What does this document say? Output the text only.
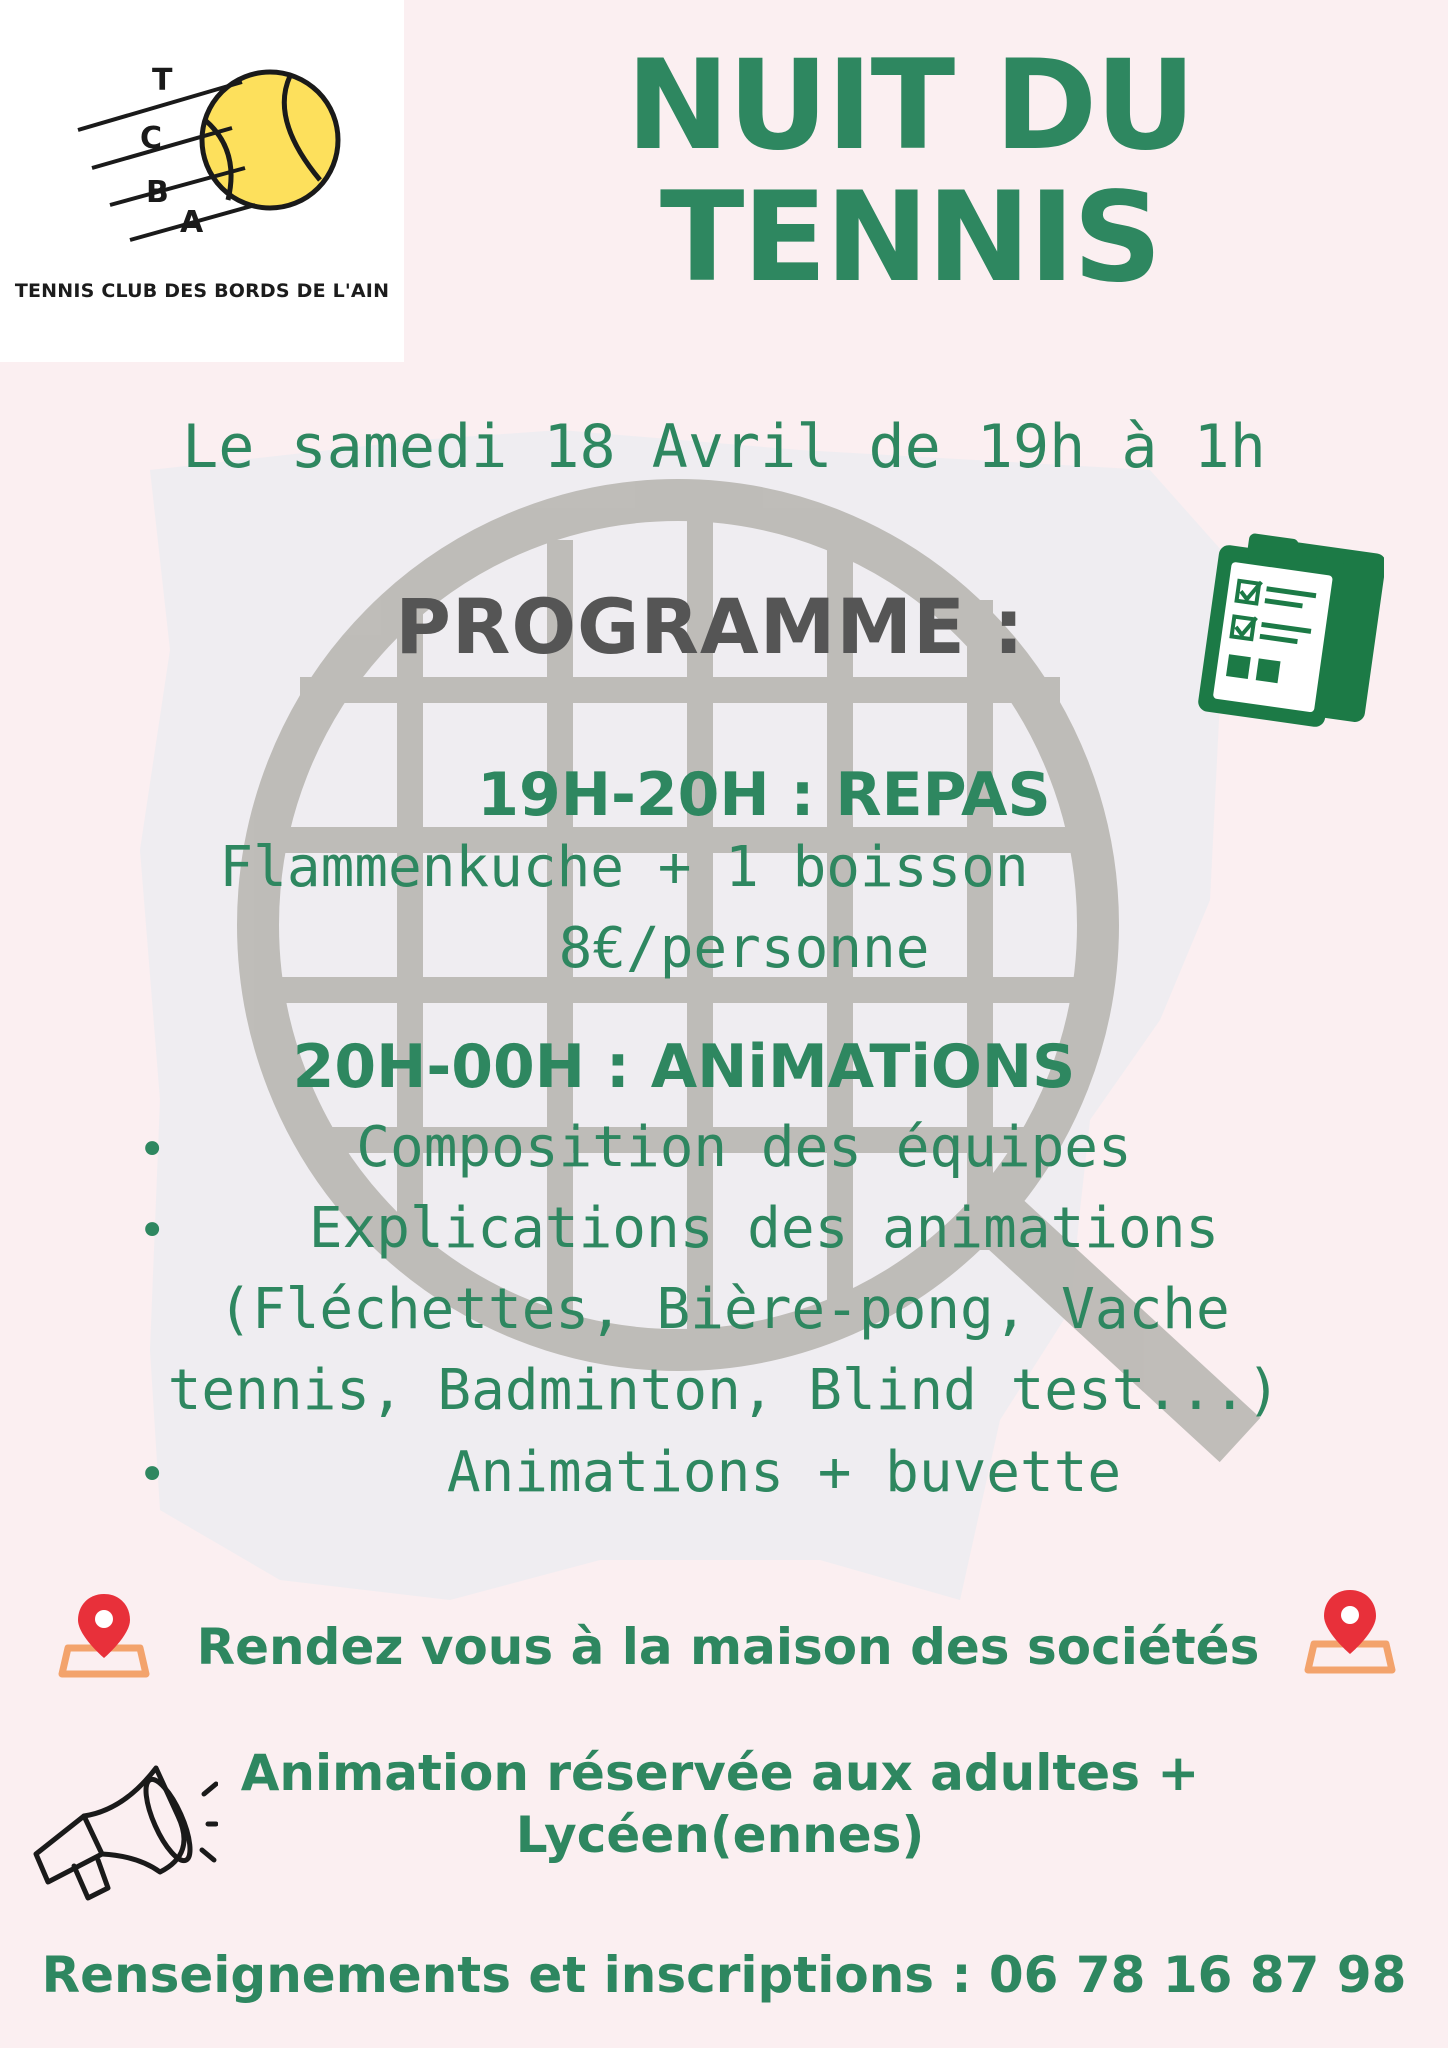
T
C
B
A
TENNIS CLUB DES BORDS DE L'AIN
NUIT DU
TENNIS
Le samedi 18 Avril de 19h à 1h
PROGRAMME :
19H-20H : REPAS
Flammenkuche + 1 boisson
8€/personne
20H-00H : ANiMATiONS
•	Composition des équipes
•	Explications des animations
(Fléchettes, Bière-pong, Vache
tennis, Badminton, Blind test...)
•	Animations + buvette
Rendez vous à la maison des sociétés
Animation réservée aux adultes +
Lycéen(ennes)
Renseignements et inscriptions : 06 78 16 87 98
